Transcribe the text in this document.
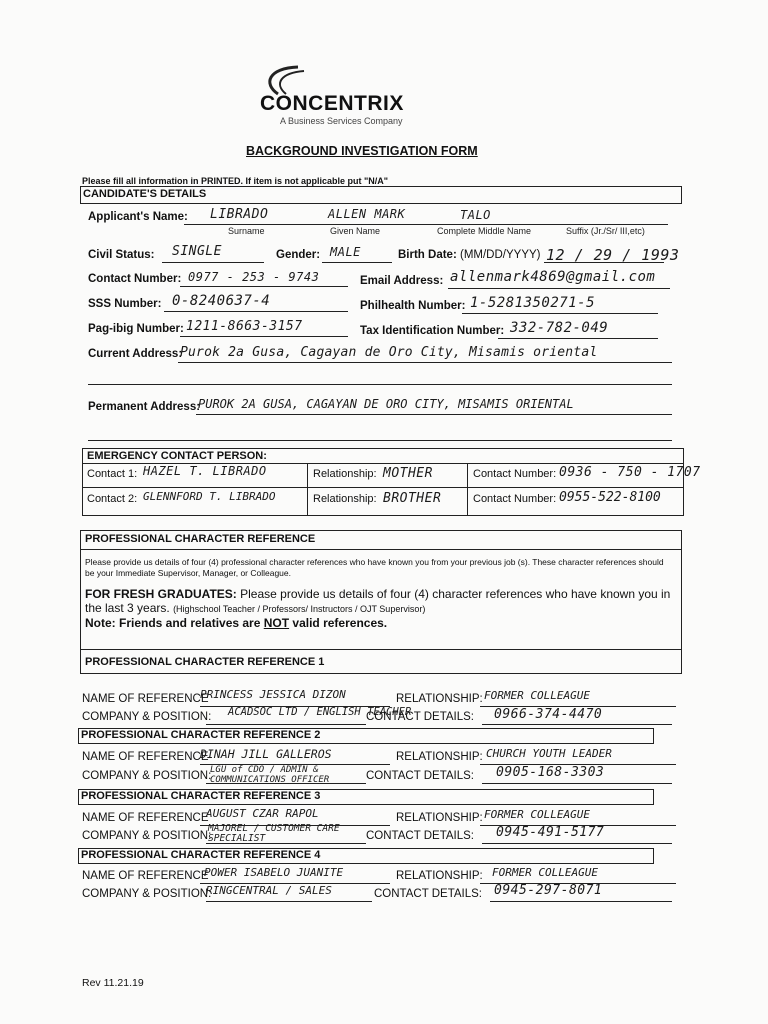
CONCENTRIX
A Business Services Company
BACKGROUND INVESTIGATION FORM
Please fill all information in PRINTED. If item is not applicable put "N/A"
CANDIDATE'S DETAILS
Applicant's Name: LIBRADO	ALLEN MARK	TALO
Surname	Given Name	Complete Middle Name	Suffix (Jr./Sr/ III,etc)
Civil Status: SINGLE	Gender: MALE	Birth Date: (MM/DD/YYYY) 12 / 29 / 1993
Contact Number: 0977 - 253 - 9743	Email Address: allenmark4869@gmail.com
SSS Number: 0-8240637-4	Philhealth Number: 1-5281350271-5
Pag-ibig Number: 1211-8663-3157	Tax Identification Number: 332-782-049
Current Address:
Purok 2a Gusa, Cagayan de Oro City, Misamis oriental
Permanent Address:
PUROK 2A GUSA, CAGAYAN DE ORO CITY, MISAMIS ORIENTAL
EMERGENCY CONTACT PERSON:
Contact 1: HAZEL T. LIBRADO	Relationship: MOTHER	Contact Number: 0936 - 750 - 1707
Contact 2: GLENNFORD T. LIBRADO	Relationship: BROTHER	Contact Number: 0955-522-8100
PROFESSIONAL CHARACTER REFERENCE
Please provide us details of four (4) professional character references who have known you from your previous job (s). These character references should be your Immediate Supervisor, Manager, or Colleague.
FOR FRESH GRADUATES: Please provide us details of four (4) character references who have known you in the last 3 years. (Highschool Teacher / Professors/ Instructors / OJT Supervisor)
Note: Friends and relatives are NOT valid references.
PROFESSIONAL CHARACTER REFERENCE 1
NAME OF REFERENCE
PRINCESS JESSICA DIZON	RELATIONSHIP: FORMER COLLEAGUE
COMPANY & POSITION: ACADSOC LTD / ENGLISH TEACHER
CONTACT DETAILS: 0966-374-4470
PROFESSIONAL CHARACTER REFERENCE 2
NAME OF REFERENCE
DINAH JILL GALLEROS	RELATIONSHIP: CHURCH YOUTH LEADER
COMPANY & POSITION:
LGU of CDO / ADMIN & COMMUNICATIONS OFFICER	CONTACT DETAILS: 0905-168-3303
PROFESSIONAL CHARACTER REFERENCE 3
NAME OF REFERENCE
AUGUST CZAR RAPOL	RELATIONSHIP: FORMER COLLEAGUE
COMPANY & POSITION:
MAJOREL / CUSTOMER CARE SPECIALIST	CONTACT DETAILS: 0945-491-5177
PROFESSIONAL CHARACTER REFERENCE 4
NAME OF REFERENCE
POWER ISABELO JUANITE	RELATIONSHIP: FORMER COLLEAGUE
COMPANY & POSITION:
RINGCENTRAL / SALES	CONTACT DETAILS: 0945-297-8071
Rev 11.21.19
